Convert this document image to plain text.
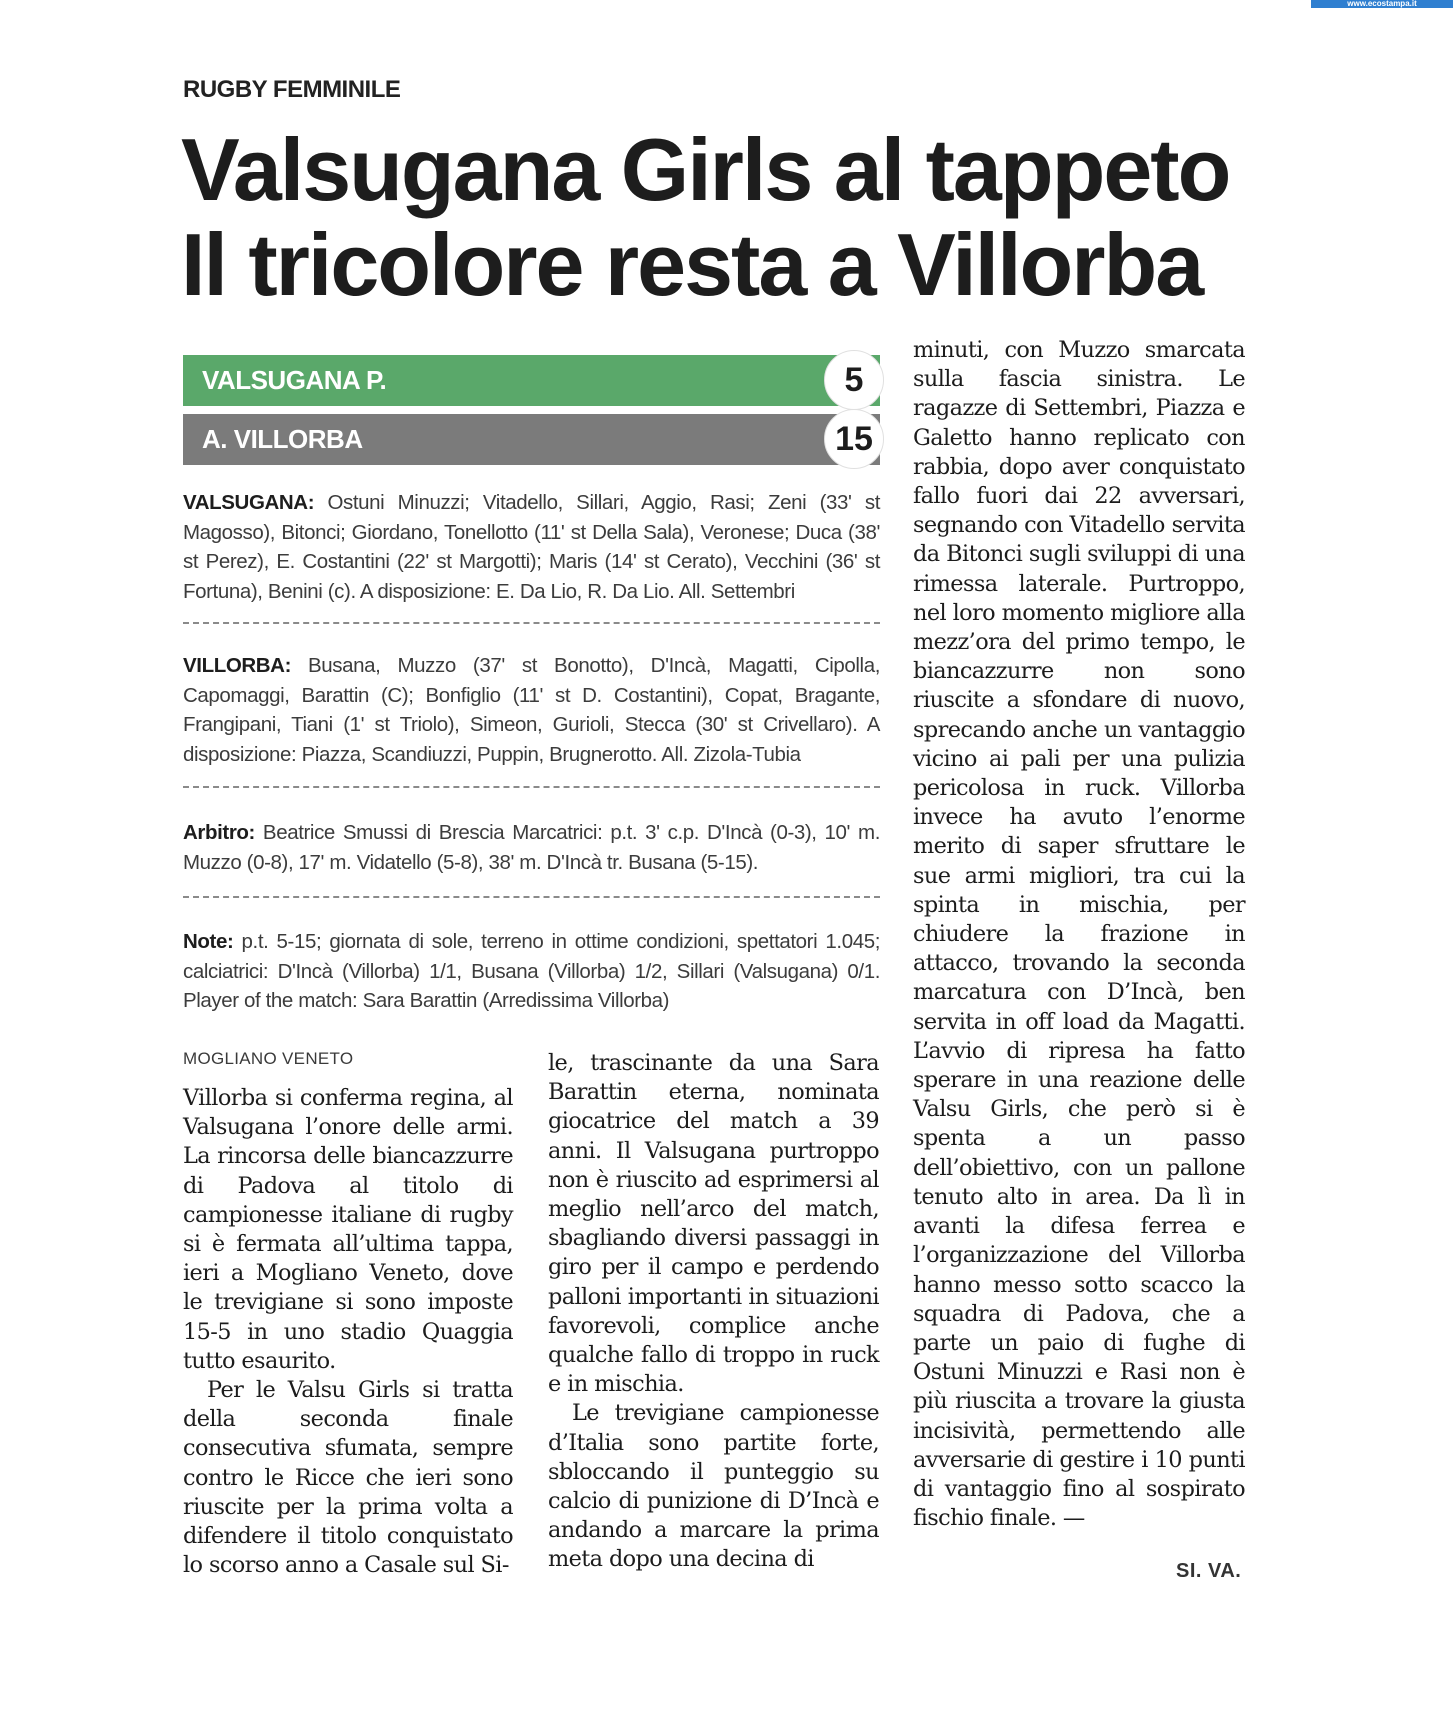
www.ecostampa.it
RUGBY FEMMINILE
Valsugana Girls al tappeto
Il tricolore resta a Villorba
VALSUGANA P.	5
A. VILLORBA	15
VALSUGANA: Ostuni Minuzzi; Vitadello, Sillari, Aggio, Rasi; Zeni (33' st Magosso), Bitonci; Giordano, Tonellotto (11' st Della Sala), Veronese; Duca (38' st Perez), E. Costantini (22' st Margotti); Maris (14' st Cerato), Vecchini (36' st Fortuna), Benini (c). A disposizione: E. Da Lio, R. Da Lio. All. Settembri
VILLORBA: Busana, Muzzo (37' st Bonotto), D'Incà, Magatti, Cipolla, Capomaggi, Barattin (C); Bonfiglio (11' st D. Costantini), Copat, Bragante, Frangipani, Tiani (1' st Triolo), Simeon, Gurioli, Stecca (30' st Crivellaro). A disposizione: Piazza, Scandiuzzi, Puppin, Brugnerotto. All. Zizola-Tubia
Arbitro: Beatrice Smussi di Brescia Marcatrici: p.t. 3' c.p. D'Incà (0-3), 10' m. Muzzo (0-8), 17' m. Vidatello (5-8), 38' m. D'Incà tr. Busana (5-15).
Note: p.t. 5-15; giornata di sole, terreno in ottime condizioni, spettatori 1.045; calciatrici: D'Incà (Villorba) 1/1, Busana (Villorba) 1/2, Sillari (Valsugana) 0/1. Player of the match: Sara Barattin (Arredissima Villorba)
MOGLIANO VENETO

Villorba si conferma regina, al Valsugana l’onore delle armi. La rincorsa delle biancazzurre di Padova al titolo di campionesse italiane di rugby si è fermata all’ultima tappa, ieri a Mogliano Veneto, dove le trevigiane si sono imposte 15-5 in uno stadio Quaggia tutto esaurito.

Per le Valsu Girls si tratta della seconda finale consecutiva sfumata, sempre contro le Ricce che ieri sono riuscite per la prima volta a difendere il titolo conquistato lo scorso anno a Casale sul Si-

le, trascinante da una Sara Barattin eterna, nominata giocatrice del match a 39 anni. Il Valsugana purtroppo non è riuscito ad esprimersi al meglio nell’arco del match, sbagliando diversi passaggi in giro per il campo e perdendo palloni importanti in situazioni favorevoli, complice anche qualche fallo di troppo in ruck e in mischia.

Le trevigiane campionesse d’Italia sono partite forte, sbloccando il punteggio su calcio di punizione di D’Incà e andando a marcare la prima meta dopo una decina di

minuti, con Muzzo smarcata sulla fascia sinistra. Le ragazze di Settembri, Piazza e Galetto hanno replicato con rabbia, dopo aver conquistato fallo fuori dai 22 avversari, segnando con Vitadello servita da Bitonci sugli sviluppi di una rimessa laterale. Purtroppo, nel loro momento migliore alla mezz’ora del primo tempo, le biancazzurre non sono riuscite a sfondare di nuovo, sprecando anche un vantaggio vicino ai pali per una pulizia pericolosa in ruck. Villorba invece ha avuto l’enorme merito di saper sfruttare le sue armi migliori, tra cui la spinta in mischia, per chiudere la frazione in attacco, trovando la seconda marcatura con D’Incà, ben servita in off load da Magatti. L’avvio di ripresa ha fatto sperare in una reazione delle Valsu Girls, che però si è spenta a un passo dell’obiettivo, con un pallone tenuto alto in area. Da lì in avanti la difesa ferrea e l’organizzazione del Villorba hanno messo sotto scacco la squadra di Padova, che a parte un paio di fughe di Ostuni Minuzzi e Rasi non è più riuscita a trovare la giusta incisività, permettendo alle avversarie di gestire i 10 punti di vantaggio fino al sospirato fischio finale. —

SI. VA.
